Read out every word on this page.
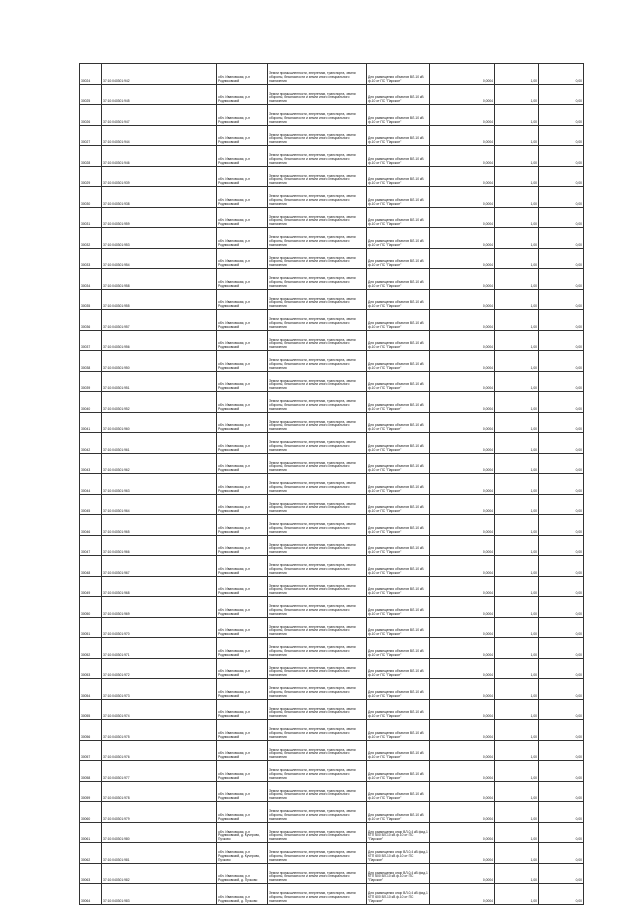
30024	37:10:040301:942	обл. Ивановская, р-н Родниковский	Земли промышленности, энергетики, транспорта, земли обороны, безопасности и земли иного специального назначения	Для размещения объектов ВЛ-10 кВ ф.10 от ПС "Парское"	0,0004	1,00	0,00

30025	37:10:040301:945	обл. Ивановская, р-н Родниковский	Земли промышленности, энергетики, транспорта, земли обороны, безопасности и земли иного специального назначения	Для размещения объектов ВЛ-10 кВ ф.10 от ПС "Парское"	0,0004	1,00	0,00

30026	37:10:040301:947	обл. Ивановская, р-н Родниковский	Земли промышленности, энергетики, транспорта, земли обороны, безопасности и земли иного специального назначения	Для размещения объектов ВЛ-10 кВ ф.10 от ПС "Парское"	0,0004	1,00	0,00

30027	37:10:040301:944	обл. Ивановская, р-н Родниковский	Земли промышленности, энергетики, транспорта, земли обороны, безопасности и земли иного специального назначения	Для размещения объектов ВЛ-10 кВ ф.10 от ПС "Парское"	0,0004	1,00	0,00

30028	37:10:040301:946	обл. Ивановская, р-н Родниковский	Земли промышленности, энергетики, транспорта, земли обороны, безопасности и земли иного специального назначения	Для размещения объектов ВЛ-10 кВ ф.10 от ПС "Парское"	0,0004	1,00	0,00

30029	37:10:040301:939	обл. Ивановская, р-н Родниковский	Земли промышленности, энергетики, транспорта, земли обороны, безопасности и земли иного специального назначения	Для размещения объектов ВЛ-10 кВ ф.10 от ПС "Парское"	0,0004	1,00	0,00

30030	37:10:040301:938	обл. Ивановская, р-н Родниковский	Земли промышленности, энергетики, транспорта, земли обороны, безопасности и земли иного специального назначения	Для размещения объектов ВЛ-10 кВ ф.10 от ПС "Парское"	0,0004	1,00	0,00

30031	37:10:040301:959	обл. Ивановская, р-н Родниковский	Земли промышленности, энергетики, транспорта, земли обороны, безопасности и земли иного специального назначения	Для размещения объектов ВЛ-10 кВ ф.10 от ПС "Парское"	0,0004	1,00	0,00

30032	37:10:040301:953	обл. Ивановская, р-н Родниковский	Земли промышленности, энергетики, транспорта, земли обороны, безопасности и земли иного специального назначения	Для размещения объектов ВЛ-10 кВ ф.10 от ПС "Парское"	0,0004	1,00	0,00

30033	37:10:040301:954	обл. Ивановская, р-н Родниковский	Земли промышленности, энергетики, транспорта, земли обороны, безопасности и земли иного специального назначения	Для размещения объектов ВЛ-10 кВ ф.10 от ПС "Парское"	0,0004	1,00	0,00

30034	37:10:040301:958	обл. Ивановская, р-н Родниковский	Земли промышленности, энергетики, транспорта, земли обороны, безопасности и земли иного специального назначения	Для размещения объектов ВЛ-10 кВ ф.10 от ПС "Парское"	0,0004	1,00	0,00

30035	37:10:040301:955	обл. Ивановская, р-н Родниковский	Земли промышленности, энергетики, транспорта, земли обороны, безопасности и земли иного специального назначения	Для размещения объектов ВЛ-10 кВ ф.10 от ПС "Парское"	0,0004	1,00	0,00

30036	37:10:040301:957	обл. Ивановская, р-н Родниковский	Земли промышленности, энергетики, транспорта, земли обороны, безопасности и земли иного специального назначения	Для размещения объектов ВЛ-10 кВ ф.10 от ПС "Парское"	0,0004	1,00	0,00

30037	37:10:040301:956	обл. Ивановская, р-н Родниковский	Земли промышленности, энергетики, транспорта, земли обороны, безопасности и земли иного специального назначения	Для размещения объектов ВЛ-10 кВ ф.10 от ПС "Парское"	0,0004	1,00	0,00

30038	37:10:040301:950	обл. Ивановская, р-н Родниковский	Земли промышленности, энергетики, транспорта, земли обороны, безопасности и земли иного специального назначения	Для размещения объектов ВЛ-10 кВ ф.10 от ПС "Парское"	0,0004	1,00	0,00

30039	37:10:040301:951	обл. Ивановская, р-н Родниковский	Земли промышленности, энергетики, транспорта, земли обороны, безопасности и земли иного специального назначения	Для размещения объектов ВЛ-10 кВ ф.10 от ПС "Парское"	0,0004	1,00	0,00

30040	37:10:040301:952	обл. Ивановская, р-н Родниковский	Земли промышленности, энергетики, транспорта, земли обороны, безопасности и земли иного специального назначения	Для размещения объектов ВЛ-10 кВ ф.10 от ПС "Парское"	0,0004	1,00	0,00

30041	37:10:040301:960	обл. Ивановская, р-н Родниковский	Земли промышленности, энергетики, транспорта, земли обороны, безопасности и земли иного специального назначения	Для размещения объектов ВЛ-10 кВ ф.10 от ПС "Парское"	0,0004	1,00	0,00

30042	37:10:040301:961	обл. Ивановская, р-н Родниковский	Земли промышленности, энергетики, транспорта, земли обороны, безопасности и земли иного специального назначения	Для размещения объектов ВЛ-10 кВ ф.10 от ПС "Парское"	0,0004	1,00	0,00

30043	37:10:040301:962	обл. Ивановская, р-н Родниковский	Земли промышленности, энергетики, транспорта, земли обороны, безопасности и земли иного специального назначения	Для размещения объектов ВЛ-10 кВ ф.10 от ПС "Парское"	0,0004	1,00	0,00

30044	37:10:040301:963	обл. Ивановская, р-н Родниковский	Земли промышленности, энергетики, транспорта, земли обороны, безопасности и земли иного специального назначения	Для размещения объектов ВЛ-10 кВ ф.10 от ПС "Парское"	0,0004	1,00	0,00

30045	37:10:040301:964	обл. Ивановская, р-н Родниковский	Земли промышленности, энергетики, транспорта, земли обороны, безопасности и земли иного специального назначения	Для размещения объектов ВЛ-10 кВ ф.10 от ПС "Парское"	0,0004	1,00	0,00

30046	37:10:040301:965	обл. Ивановская, р-н Родниковский	Земли промышленности, энергетики, транспорта, земли обороны, безопасности и земли иного специального назначения	Для размещения объектов ВЛ-10 кВ ф.10 от ПС "Парское"	0,0004	1,00	0,00

30047	37:10:040301:966	обл. Ивановская, р-н Родниковский	Земли промышленности, энергетики, транспорта, земли обороны, безопасности и земли иного специального назначения	Для размещения объектов ВЛ-10 кВ ф.10 от ПС "Парское"	0,0004	1,00	0,00

30048	37:10:040301:967	обл. Ивановская, р-н Родниковский	Земли промышленности, энергетики, транспорта, земли обороны, безопасности и земли иного специального назначения	Для размещения объектов ВЛ-10 кВ ф.10 от ПС "Парское"	0,0004	1,00	0,00

30049	37:10:040301:968	обл. Ивановская, р-н Родниковский	Земли промышленности, энергетики, транспорта, земли обороны, безопасности и земли иного специального назначения	Для размещения объектов ВЛ-10 кВ ф.10 от ПС "Парское"	0,0004	1,00	0,00

30050	37:10:040301:969	обл. Ивановская, р-н Родниковский	Земли промышленности, энергетики, транспорта, земли обороны, безопасности и земли иного специального назначения	Для размещения объектов ВЛ-10 кВ ф.10 от ПС "Парское"	0,0004	1,00	0,00

30051	37:10:040301:970	обл. Ивановская, р-н Родниковский	Земли промышленности, энергетики, транспорта, земли обороны, безопасности и земли иного специального назначения	Для размещения объектов ВЛ-10 кВ ф.10 от ПС "Парское"	0,0004	1,00	0,00

30052	37:10:040301:971	обл. Ивановская, р-н Родниковский	Земли промышленности, энергетики, транспорта, земли обороны, безопасности и земли иного специального назначения	Для размещения объектов ВЛ-10 кВ ф.10 от ПС "Парское"	0,0004	1,00	0,00

30053	37:10:040301:972	обл. Ивановская, р-н Родниковский	Земли промышленности, энергетики, транспорта, земли обороны, безопасности и земли иного специального назначения	Для размещения объектов ВЛ-10 кВ ф.10 от ПС "Парское"	0,0004	1,00	0,00

30054	37:10:040301:973	обл. Ивановская, р-н Родниковский	Земли промышленности, энергетики, транспорта, земли обороны, безопасности и земли иного специального назначения	Для размещения объектов ВЛ-10 кВ ф.10 от ПС "Парское"	0,0004	1,00	0,00

30055	37:10:040301:974	обл. Ивановская, р-н Родниковский	Земли промышленности, энергетики, транспорта, земли обороны, безопасности и земли иного специального назначения	Для размещения объектов ВЛ-10 кВ ф.10 от ПС "Парское"	0,0004	1,00	0,00

30056	37:10:040301:975	обл. Ивановская, р-н Родниковский	Земли промышленности, энергетики, транспорта, земли обороны, безопасности и земли иного специального назначения	Для размещения объектов ВЛ-10 кВ ф.10 от ПС "Парское"	0,0004	1,00	0,00

30057	37:10:040301:976	обл. Ивановская, р-н Родниковский	Земли промышленности, энергетики, транспорта, земли обороны, безопасности и земли иного специального назначения	Для размещения объектов ВЛ-10 кВ ф.10 от ПС "Парское"	0,0004	1,00	0,00

30058	37:10:040301:977	обл. Ивановская, р-н Родниковский	Земли промышленности, энергетики, транспорта, земли обороны, безопасности и земли иного специального назначения	Для размещения объектов ВЛ-10 кВ ф.10 от ПС "Парское"	0,0004	1,00	0,00

30059	37:10:040301:978	обл. Ивановская, р-н Родниковский	Земли промышленности, энергетики, транспорта, земли обороны, безопасности и земли иного специального назначения	Для размещения объектов ВЛ-10 кВ ф.10 от ПС "Парское"	0,0004	1,00	0,00

30060	37:10:040301:979	обл. Ивановская, р-н Родниковский	Земли промышленности, энергетики, транспорта, земли обороны, безопасности и земли иного специального назначения	Для размещения объектов ВЛ-10 кВ ф.10 от ПС "Парское"	0,0004	1,00	0,00

30061	37:10:040301:980	обл. Ивановская, р-н Родниковский, д. Кучерово, Пучково	Земли промышленности, энергетики, транспорта, земли обороны, безопасности и земли иного специального назначения	Для размещения опор ВЛ-0,4 кВ фид.1 КТП 600 ВЛ-10 кВ ф.10 от ПС "Парское"	0,0004	1,00	0,00

30062	37:10:040301:981	обл. Ивановская, р-н Родниковский, д. Кучерово, Пучково	Земли промышленности, энергетики, транспорта, земли обороны, безопасности и земли иного специального назначения	Для размещения опор ВЛ-0,4 кВ фид.1 КТП 600 ВЛ-10 кВ ф.10 от ПС "Парское"	0,0004	1,00	0,00

30063	37:10:040301:982	обл. Ивановская, р-н Родниковский, д. Пучково	Земли промышленности, энергетики, транспорта, земли обороны, безопасности и земли иного специального назначения	Для размещения опор ВЛ-0,4 кВ фид.1 КТП 600 ВЛ-10 кВ ф.10 от ПС "Парское"	0,0004	1,00	0,00

30064	37:10:040301:983	обл. Ивановская, р-н Родниковский, д. Пучково	Земли промышленности, энергетики, транспорта, земли обороны, безопасности и земли иного специального назначения	Для размещения опор ВЛ-0,4 кВ фид.1 КТП 600 ВЛ-10 кВ ф.10 от ПС "Парское"	0,0004	1,00	0,00
